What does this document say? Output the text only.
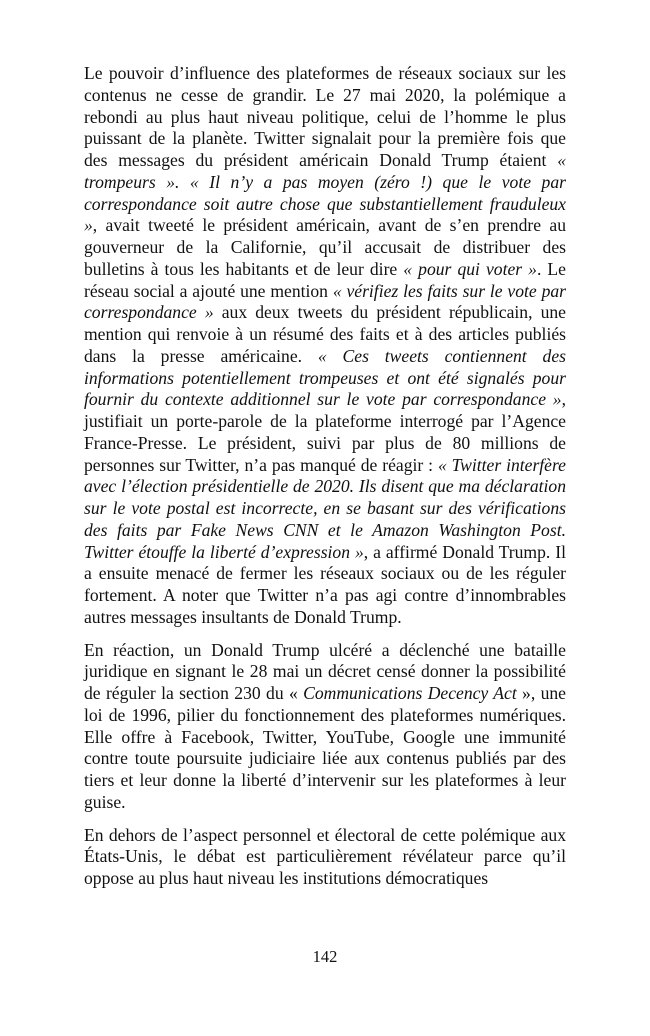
Le pouvoir d’influence des plateformes de réseaux sociaux sur les contenus ne cesse de grandir. Le 27 mai 2020, la polémique a rebondi au plus haut niveau politique, celui de l’homme le plus puissant de la planète. Twitter signalait pour la première fois que des messages du président américain Donald Trump étaient « trompeurs ». « Il n’y a pas moyen (zéro !) que le vote par correspondance soit autre chose que substantiellement frauduleux », avait tweeté le président américain, avant de s’en prendre au gouverneur de la Californie, qu’il accusait de distribuer des bulletins à tous les habitants et de leur dire « pour qui voter ». Le réseau social a ajouté une mention « vérifiez les faits sur le vote par correspondance » aux deux tweets du président républicain, une mention qui renvoie à un résumé des faits et à des articles publiés dans la presse américaine. « Ces tweets contiennent des informations potentiellement trompeuses et ont été signalés pour fournir du contexte additionnel sur le vote par correspondance », justifiait un porte-parole de la plateforme interrogé par l’Agence France-Presse. Le président, suivi par plus de 80 millions de personnes sur Twitter, n’a pas manqué de réagir : « Twitter interfère avec l’élection présidentielle de 2020. Ils disent que ma déclaration sur le vote postal est incorrecte, en se basant sur des vérifications des faits par Fake News CNN et le Amazon Washington Post. Twitter étouffe la liberté d’expression », a affirmé Donald Trump. Il a ensuite menacé de fermer les réseaux sociaux ou de les réguler fortement. A noter que Twitter n’a pas agi contre d’innombrables autres messages insultants de Donald Trump.

En réaction, un Donald Trump ulcéré a déclenché une bataille juridique en signant le 28 mai un décret censé donner la possibilité de réguler la section 230 du « Communications Decency Act », une loi de 1996, pilier du fonctionnement des plateformes numériques. Elle offre à Facebook, Twitter, YouTube, Google une immunité contre toute poursuite judiciaire liée aux contenus publiés par des tiers et leur donne la liberté d’intervenir sur les plateformes à leur guise.

En dehors de l’aspect personnel et électoral de cette polémique aux États-Unis, le débat est particulièrement révélateur parce qu’il oppose au plus haut niveau les institutions démocratiques

142
